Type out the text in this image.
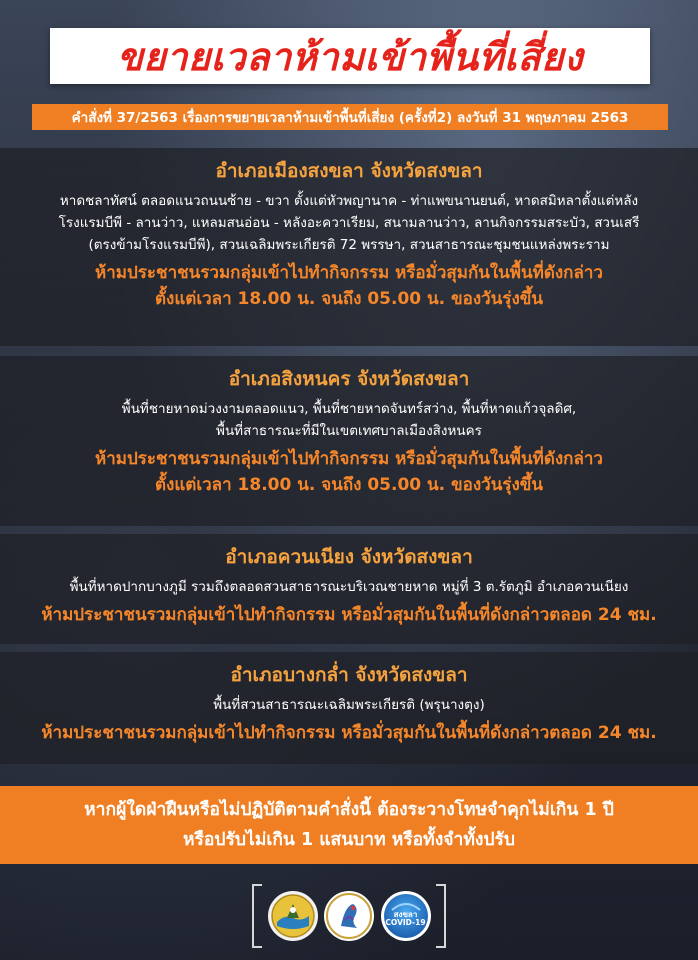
ขยายเวลาห้ามเข้าพื้นที่เสี่ยง
คำสั่งที่ 37/2563 เรื่องการขยายเวลาห้ามเข้าพื้นที่เสี่ยง (ครั้งที่2) ลงวันที่ 31 พฤษภาคม 2563
อำเภอเมืองสงขลา จังหวัดสงขลา
หาดชลาทัศน์ ตลอดแนวถนนซ้าย - ขวา ตั้งแต่หัวพญานาค - ท่าแพขนานยนต์, หาดสมิหลาตั้งแต่หลัง
โรงแรมบีพี - ลานว่าว, แหลมสนอ่อน - หลังอะควาเรียม, สนามลานว่าว, ลานกิจกรรมสระบัว, สวนเสรี
(ตรงข้ามโรงแรมบีพี), สวนเฉลิมพระเกียรติ 72 พรรษา, สวนสาธารณะชุมชนแหล่งพระราม
ห้ามประชาชนรวมกลุ่มเข้าไปทำกิจกรรม หรือมั่วสุมกันในพื้นที่ดังกล่าว
ตั้งแต่เวลา 18.00 น. จนถึง 05.00 น. ของวันรุ่งขึ้น
อำเภอสิงหนคร จังหวัดสงขลา
พื้นที่ชายหาดม่วงงามตลอดแนว, พื้นที่ชายหาดจันทร์สว่าง, พื้นที่หาดแก้วจุลดิศ,
พื้นที่สาธารณะที่มีในเขตเทศบาลเมืองสิงหนคร
ห้ามประชาชนรวมกลุ่มเข้าไปทำกิจกรรม หรือมั่วสุมกันในพื้นที่ดังกล่าว
ตั้งแต่เวลา 18.00 น. จนถึง 05.00 น. ของวันรุ่งขึ้น
อำเภอควนเนียง จังหวัดสงขลา
พื้นที่หาดปากบางภูมี รวมถึงตลอดสวนสาธารณะบริเวณชายหาด หมู่ที่ 3 ต.รัตภูมิ อำเภอควนเนียง
ห้ามประชาชนรวมกลุ่มเข้าไปทำกิจกรรม หรือมั่วสุมกันในพื้นที่ดังกล่าวตลอด 24 ชม.
อำเภอบางกล่ำ จังหวัดสงขลา
พื้นที่สวนสาธารณะเฉลิมพระเกียรติ (พรุนางตุง)
ห้ามประชาชนรวมกลุ่มเข้าไปทำกิจกรรม หรือมั่วสุมกันในพื้นที่ดังกล่าวตลอด 24 ชม.
หากผู้ใดฝ่าฝืนหรือไม่ปฏิบัติตามคำสั่งนี้ ต้องระวางโทษจำคุกไม่เกิน 1 ปี
หรือปรับไม่เกิน 1 แสนบาท หรือทั้งจำทั้งปรับ
สงขลา
COVID-19
